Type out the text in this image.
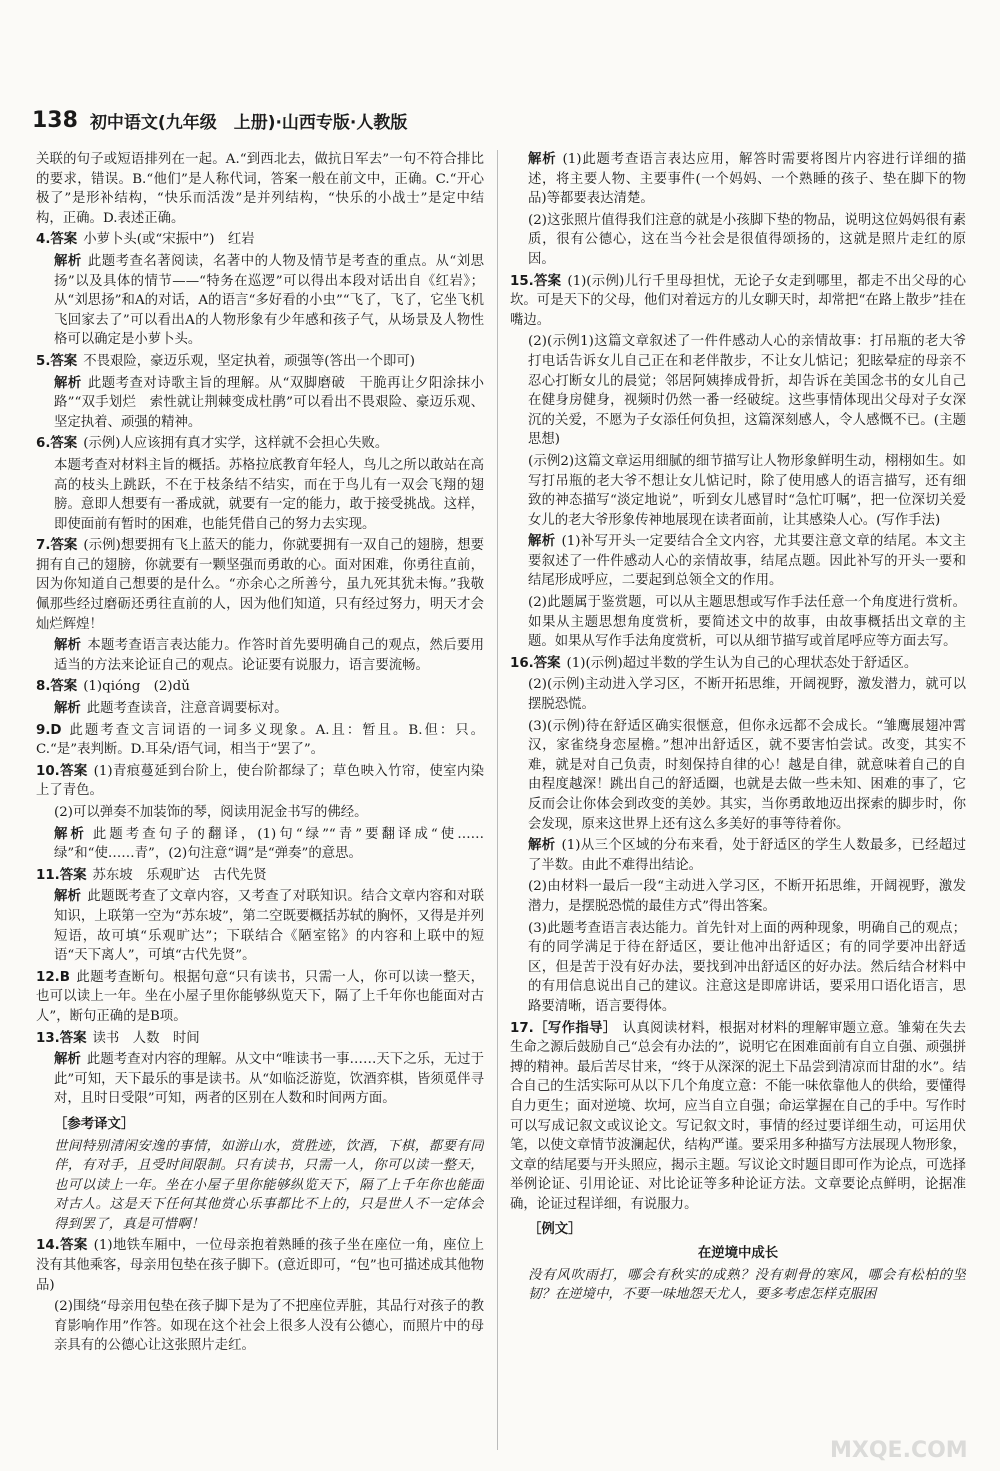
138 初中语文(九年级　上册)·山西专版·人教版
关联的句子或短语排列在一起。A.“到西北去，做抗日军去”一句不符合排比的要求，错误。B.“他们”是人称代词，答案一般在前文中，正确。C.“开心极了”是形补结构，“快乐而活泼”是并列结构，“快乐的小战士”是定中结构，正确。D.表述正确。
4.答案 小萝卜头(或“宋振中”)　红岩
解析 此题考查名著阅读，名著中的人物及情节是考查的重点。从“刘思扬”以及具体的情节——“特务在巡逻”可以得出本段对话出自《红岩》；从“刘思扬”和A的对话，A的语言“多好看的小虫”“飞了，飞了，它坐飞机飞回家去了”可以看出A的人物形象有少年感和孩子气，从场景及人物性格可以确定是小萝卜头。
5.答案 不畏艰险，豪迈乐观，坚定执着，顽强等(答出一个即可)
解析 此题考查对诗歌主旨的理解。从“双脚磨破　干脆再让夕阳涂抹小路”“双手划烂　索性就让荆棘变成杜鹃”可以看出不畏艰险、豪迈乐观、坚定执着、顽强的精神。
6.答案 (示例)人应该拥有真才实学，这样就不会担心失败。
本题考查对材料主旨的概括。苏格拉底教育年轻人，鸟儿之所以敢站在高高的枝头上跳跃，不在于枝条结不结实，而在于鸟儿有一双会飞翔的翅膀。意即人想要有一番成就，就要有一定的能力，敢于接受挑战。这样，即使面前有暂时的困难，也能凭借自己的努力去实现。
7.答案 (示例)想要拥有飞上蓝天的能力，你就要拥有一双自己的翅膀，想要拥有自己的翅膀，你就要有一颗坚强而勇敢的心。面对困难，你勇往直前，因为你知道自己想要的是什么。“亦余心之所善兮，虽九死其犹未悔。”我敬佩那些经过磨砺还勇往直前的人，因为他们知道，只有经过努力，明天才会灿烂辉煌！
解析 本题考查语言表达能力。作答时首先要明确自己的观点，然后要用适当的方法来论证自己的观点。论证要有说服力，语言要流畅。
8.答案 (1)qióng　(2)dǔ
解析 此题考查读音，注意音调要标对。
9.D 此题考查文言词语的一词多义现象。A.且：暂且。B.但：只。C.“是”表判断。D.耳朵/语气词，相当于“罢了”。
10.答案 (1)青痕蔓延到台阶上，使台阶都绿了；草色映入竹帘，使室内染上了青色。
(2)可以弹奏不加装饰的琴，阅读用泥金书写的佛经。
解析 此题考查句子的翻译，(1)句“绿”“青”要翻译成“使……绿”和“使……青”，(2)句注意“调”是“弹奏”的意思。
11.答案 苏东坡　乐观旷达　古代先贤
解析 此题既考查了文章内容，又考查了对联知识。结合文章内容和对联知识，上联第一空为“苏东坡”，第二空既要概括苏轼的胸怀，又得是并列短语，故可填“乐观旷达”；下联结合《陋室铭》的内容和上联中的短语“天下离人”，可填“古代先贤”。
12.B 此题考查断句。根据句意“只有读书，只需一人，你可以读一整天，也可以读上一年。坐在小屋子里你能够纵览天下，隔了上千年你也能面对古人”，断句正确的是B项。
13.答案 读书　人数　时间
解析 此题考查对内容的理解。从文中“唯读书一事……天下之乐，无过于此”可知，天下最乐的事是读书。从“如临泛游览，饮酒弈棋，皆须觅伴寻对，且时日受限”可知，两者的区别在人数和时间两方面。
［参考译文］
世间特别清闲安逸的事情，如游山水，赏胜迹，饮酒，下棋，都要有同伴，有对手，且受时间限制。只有读书，只需一人，你可以读一整天，也可以读上一年。坐在小屋子里你能够纵览天下，隔了上千年你也能面对古人。这是天下任何其他赏心乐事都比不上的，只是世人不一定体会得到罢了，真是可惜啊！
14.答案 (1)地铁车厢中，一位母亲抱着熟睡的孩子坐在座位一角，座位上没有其他乘客，母亲用包垫在孩子脚下。(意近即可，“包”也可描述成其他物品)
(2)围绕“母亲用包垫在孩子脚下是为了不把座位弄脏，其品行对孩子的教育影响作用”作答。如现在这个社会上很多人没有公德心，而照片中的母亲具有的公德心让这张照片走红。
解析 (1)此题考查语言表达应用，解答时需要将图片内容进行详细的描述，将主要人物、主要事件(一个妈妈、一个熟睡的孩子、垫在脚下的物品)等都要表达清楚。
(2)这张照片值得我们注意的就是小孩脚下垫的物品，说明这位妈妈很有素质，很有公德心，这在当今社会是很值得颂扬的，这就是照片走红的原因。
15.答案 (1)(示例)儿行千里母担忧，无论子女走到哪里，都走不出父母的心坎。可是天下的父母，他们对着远方的儿女聊天时，却常把“在路上散步”挂在嘴边。
(2)(示例1)这篇文章叙述了一件件感动人心的亲情故事：打吊瓶的老大爷打电话告诉女儿自己正在和老伴散步，不让女儿惦记；犯眩晕症的母亲不忍心打断女儿的晨觉；邻居阿姨捧成骨折，却告诉在美国念书的女儿自己在健身房健身，视频时仍然一番一经破绽。这些事情体现出父母对子女深沉的关爱，不愿为子女添任何负担，这篇深刻感人，令人感慨不已。(主题思想)
(示例2)这篇文章运用细腻的细节描写让人物形象鲜明生动，栩栩如生。如写打吊瓶的老大爷不想让女儿惦记时，除了使用感人的语言描写，还有细致的神态描写“淡定地说”，听到女儿感冒时“急忙叮嘱”，把一位深切关爱女儿的老大爷形象传神地展现在读者面前，让其感染人心。(写作手法)
解析 (1)补写开头一定要结合全文内容，尤其要注意文章的结尾。本文主要叙述了一件件感动人心的亲情故事，结尾点题。因此补写的开头一要和结尾形成呼应，二要起到总领全文的作用。
(2)此题属于鉴赏题，可以从主题思想或写作手法任意一个角度进行赏析。如果从主题思想角度赏析，要简述文中的故事，由故事概括出文章的主题。如果从写作手法角度赏析，可以从细节描写或首尾呼应等方面去写。
16.答案 (1)(示例)超过半数的学生认为自己的心理状态处于舒适区。
(2)(示例)主动进入学习区，不断开拓思维，开阔视野，激发潜力，就可以摆脱恐慌。
(3)(示例)待在舒适区确实很惬意，但你永远都不会成长。“雏鹰展翅冲霄汉，家雀绕身恋屋檐。”想冲出舒适区，就不要害怕尝试。改变，其实不难，就是对自己负责，时刻保持自律的心！越是自律，就意味着自己的自由程度越深！跳出自己的舒适圈，也就是去做一些未知、困难的事了，它反而会让你体会到改变的美妙。其实，当你勇敢地迈出探索的脚步时，你会发现，原来这世界上还有这么多美好的事等待着你。
解析 (1)从三个区域的分布来看，处于舒适区的学生人数最多，已经超过了半数。由此不难得出结论。
(2)由材料一最后一段“主动进入学习区，不断开拓思维，开阔视野，激发潜力，是摆脱恐慌的最佳方式”得出答案。
(3)此题考查语言表达能力。首先针对上面的两种现象，明确自己的观点；有的同学满足于待在舒适区，要让他冲出舒适区；有的同学要冲出舒适区，但是苦于没有好办法，要找到冲出舒适区的好办法。然后结合材料中的有用信息说出自己的建议。注意这是即席讲话，要采用口语化语言，思路要清晰，语言要得体。
17.［写作指导］ 认真阅读材料，根据对材料的理解审题立意。雏菊在失去生命之源后鼓励自己“总会有办法的”，说明它在困难面前有自立自强、顽强拼搏的精神。最后苦尽甘来，“终于从深深的泥土下品尝到清凉而甘甜的水”。结合自己的生活实际可从以下几个角度立意：不能一味依靠他人的供给，要懂得自力更生；面对逆境、坎坷，应当自立自强；命运掌握在自己的手中。写作时可以写成记叙文或议论文。写记叙文时，事情的经过要详细生动，可运用伏笔，以使文章情节波澜起伏，结构严谨。要采用多种描写方法展现人物形象，文章的结尾要与开头照应，揭示主题。写议论文时题目即可作为论点，可选择举例论证、引用论证、对比论证等多种论证方法。文章要论点鲜明，论据准确，论证过程详细，有说服力。
［例文］
在逆境中成长
没有风吹雨打，哪会有秋实的成熟？没有刺骨的寒风，哪会有松柏的坚韧？在逆境中，不要一味地怨天尤人，要多考虑怎样克服困
MXQE.COM
